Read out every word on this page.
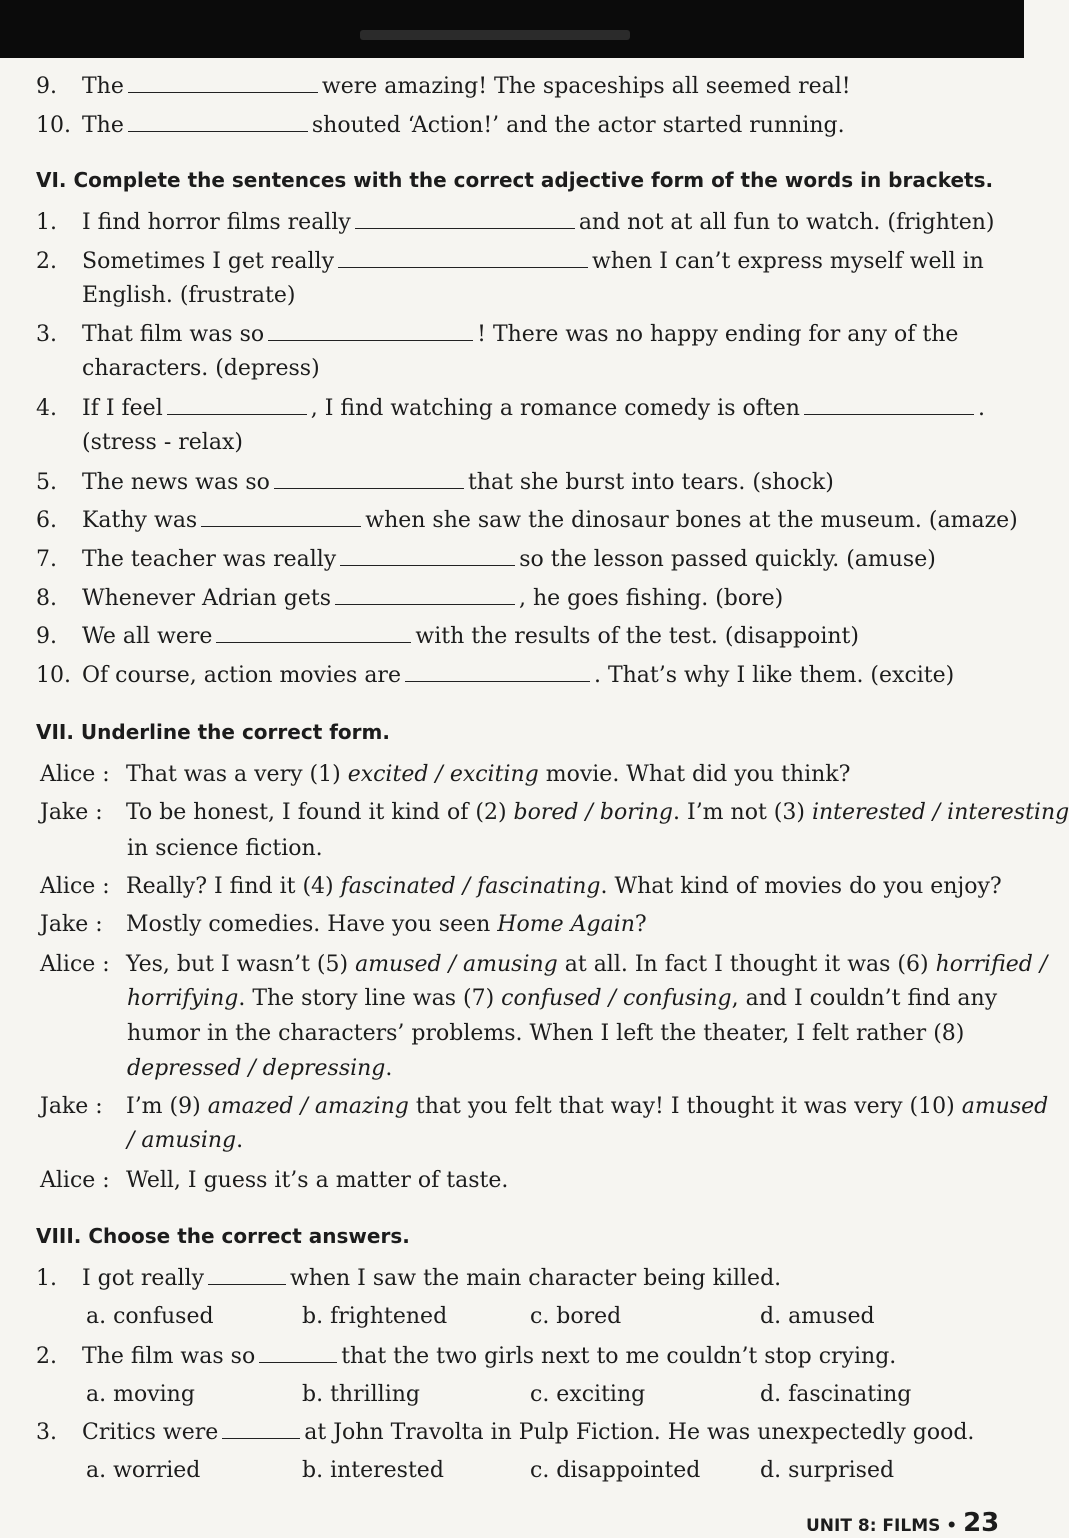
9. The	were amazing! The spaceships all seemed real!
10. The	shouted ‘Action!’ and the actor started running.
VI. Complete the sentences with the correct adjective form of the words in brackets.
1. I find horror films really	and not at all fun to watch. (frighten)
2. Sometimes I get really	when I can’t express myself well in
English. (frustrate)
3. That film was so	! There was no happy ending for any of the
characters. (depress)
4. If I feel	, I find watching a romance comedy is often	.
(stress - relax)
5. The news was so	that she burst into tears. (shock)
6. Kathy was	when she saw the dinosaur bones at the museum. (amaze)
7. The teacher was really	so the lesson passed quickly. (amuse)
8. Whenever Adrian gets	, he goes fishing. (bore)
9. We all were	with the results of the test. (disappoint)
10. Of course, action movies are	. That’s why I like them. (excite)
VII. Underline the correct form.
Alice : That was a very (1) excited / exciting movie. What did you think?
Jake : To be honest, I found it kind of (2) bored / boring. I’m not (3) interested / interesting
in science fiction.
Alice : Really? I find it (4) fascinated / fascinating. What kind of movies do you enjoy?
Jake : Mostly comedies. Have you seen Home Again?
Alice : Yes, but I wasn’t (5) amused / amusing at all. In fact I thought it was (6) horrified /
horrifying. The story line was (7) confused / confusing, and I couldn’t find any
humor in the characters’ problems. When I left the theater, I felt rather (8)
depressed / depressing.
Jake : I’m (9) amazed / amazing that you felt that way! I thought it was very (10) amused
/ amusing.
Alice : Well, I guess it’s a matter of taste.
VIII. Choose the correct answers.
1. I got really	when I saw the main character being killed.
a. confused	b. frightened	c. bored	d. amused
2. The film was so	that the two girls next to me couldn’t stop crying.
a. moving	b. thrilling	c. exciting	d. fascinating
3. Critics were	at John Travolta in Pulp Fiction. He was unexpectedly good.
a. worried	b. interested	c. disappointed	d. surprised
UNIT 8: FILMS • 23
